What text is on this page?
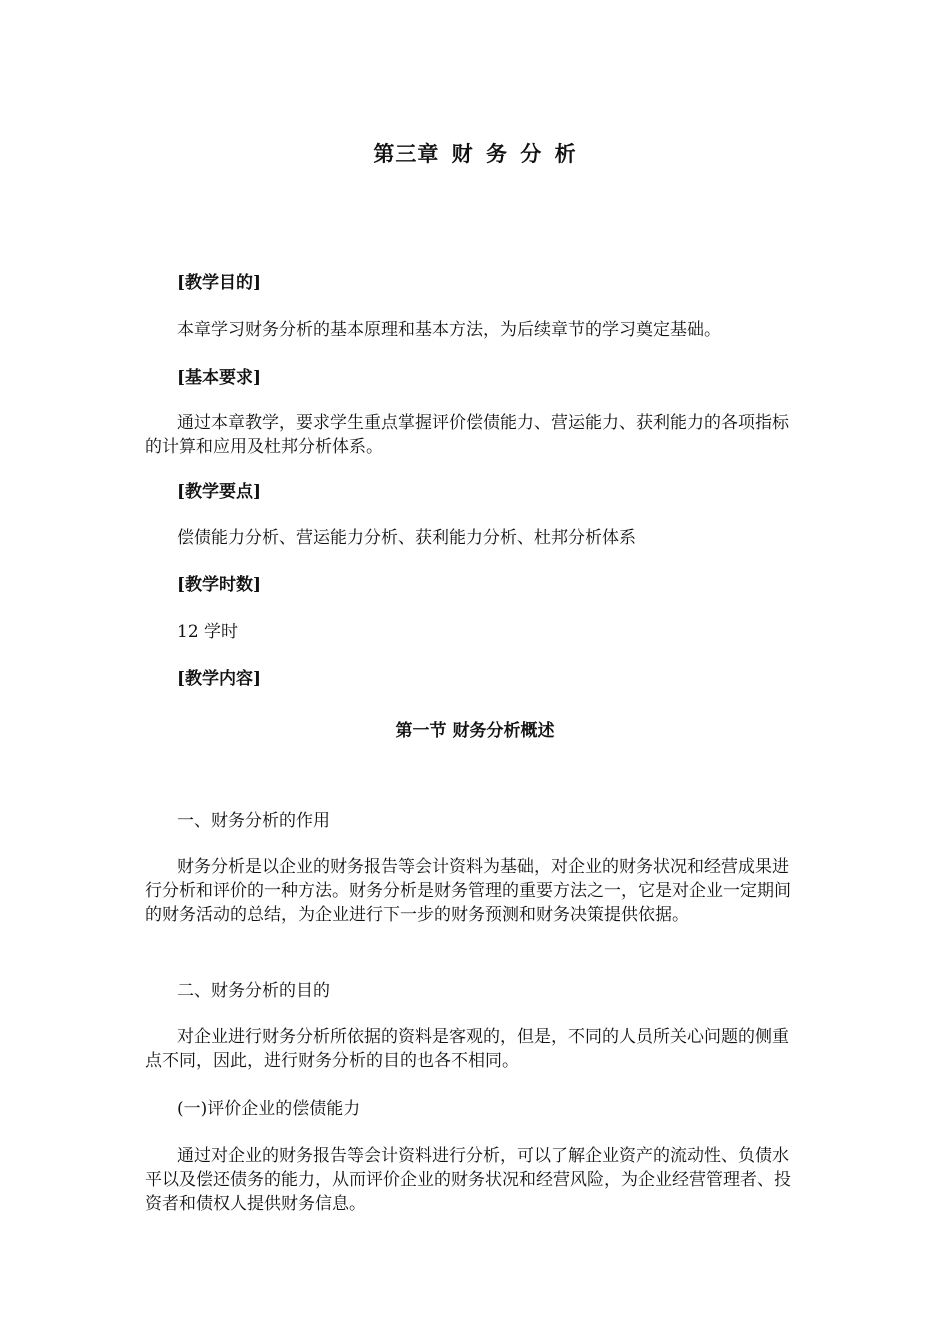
第三章 财 务 分 析
[教学目的]
本章学习财务分析的基本原理和基本方法，为后续章节的学习奠定基础。
[基本要求]
通过本章教学，要求学生重点掌握评价偿债能力、营运能力、获利能力的各项指标的计算和应用及杜邦分析体系。
[教学要点]
偿债能力分析、营运能力分析、获利能力分析、杜邦分析体系
[教学时数]
12 学时
[教学内容]
第一节 财务分析概述
一、财务分析的作用
财务分析是以企业的财务报告等会计资料为基础，对企业的财务状况和经营成果进行分析和评价的一种方法。财务分析是财务管理的重要方法之一，它是对企业一定期间的财务活动的总结，为企业进行下一步的财务预测和财务决策提供依据。
二、财务分析的目的
对企业进行财务分析所依据的资料是客观的，但是，不同的人员所关心问题的侧重点不同，因此，进行财务分析的目的也各不相同。
(一)评价企业的偿债能力
通过对企业的财务报告等会计资料进行分析，可以了解企业资产的流动性、负债水平以及偿还债务的能力，从而评价企业的财务状况和经营风险，为企业经营管理者、投资者和债权人提供财务信息。
